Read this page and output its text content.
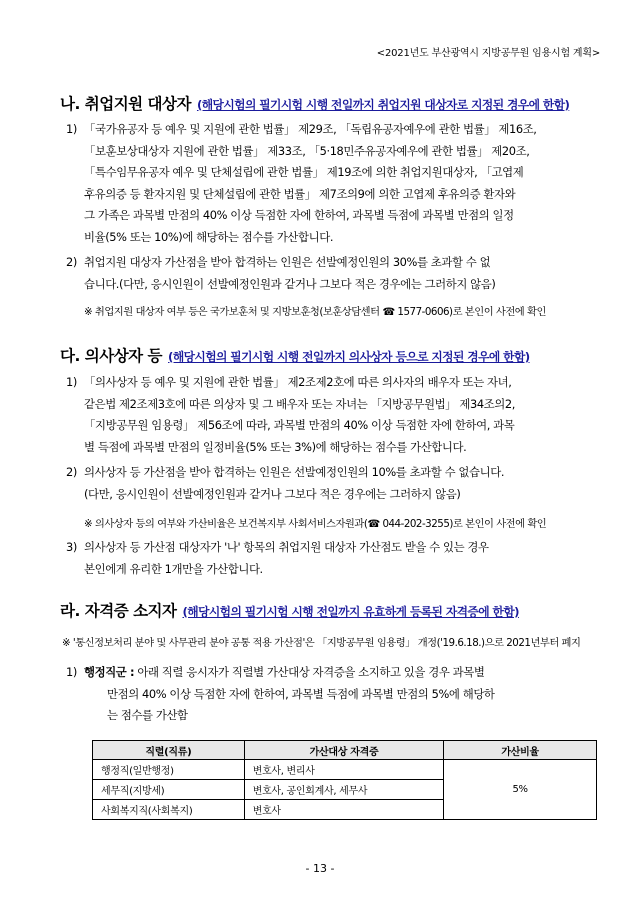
<2021년도 부산광역시 지방공무원 임용시험 계획>
나. 취업지원 대상자 (해당시험의 필기시험 시행 전일까지 취업지원 대상자로 지정된 경우에 한함)
1) 「국가유공자 등 예우 및 지원에 관한 법률」 제29조, 「독립유공자예우에 관한 법률」 제16조,
「보훈보상대상자 지원에 관한 법률」 제33조, 「5·18민주유공자예우에 관한 법률」 제20조,
「특수임무유공자 예우 및 단체설립에 관한 법률」 제19조에 의한 취업지원대상자, 「고엽제
후유의증 등 환자지원 및 단체설립에 관한 법률」 제7조의9에 의한 고엽제 후유의증 환자와
그 가족은 과목별 만점의 40% 이상 득점한 자에 한하여, 과목별 득점에 과목별 만점의 일정
비율(5% 또는 10%)에 해당하는 점수를 가산합니다.
2) 취업지원 대상자 가산점을 받아 합격하는 인원은 선발예정인원의 30%를 초과할 수 없
습니다.(다만, 응시인원이 선발예정인원과 같거나 그보다 적은 경우에는 그러하지 않음)
※ 취업지원 대상자 여부 등은 국가보훈처 및 지방보훈청(보훈상담센터 ☎ 1577-0606)로 본인이 사전에 확인
다. 의사상자 등 (해당시험의 필기시험 시행 전일까지 의사상자 등으로 지정된 경우에 한함)
1) 「의사상자 등 예우 및 지원에 관한 법률」 제2조제2호에 따른 의사자의 배우자 또는 자녀,
같은법 제2조제3호에 따른 의상자 및 그 배우자 또는 자녀는 「지방공무원법」 제34조의2,
「지방공무원 임용령」 제56조에 따라, 과목별 만점의 40% 이상 득점한 자에 한하여, 과목
별 득점에 과목별 만점의 일정비율(5% 또는 3%)에 해당하는 점수를 가산합니다.
2) 의사상자 등 가산점을 받아 합격하는 인원은 선발예정인원의 10%를 초과할 수 없습니다.
(다만, 응시인원이 선발예정인원과 같거나 그보다 적은 경우에는 그러하지 않음)
※ 의사상자 등의 여부와 가산비율은 보건복지부 사회서비스자원과(☎ 044-202-3255)로 본인이 사전에 확인
3) 의사상자 등 가산점 대상자가 '나' 항목의 취업지원 대상자 가산점도 받을 수 있는 경우
본인에게 유리한 1개만을 가산합니다.
라. 자격증 소지자 (해당시험의 필기시험 시행 전일까지 유효하게 등록된 자격증에 한함)
※ '통신정보처리 분야 및 사무관리 분야 공통 적용 가산점'은 「지방공무원 임용령」 개정('19.6.18.)으로 2021년부터 폐지
1) 행정직군 : 아래 직렬 응시자가 직렬별 가산대상 자격증을 소지하고 있을 경우 과목별
만점의 40% 이상 득점한 자에 한하여, 과목별 득점에 과목별 만점의 5%에 해당하
는 점수를 가산함
직렬(직류)	가산대상 자격증	가산비율
행정직(일반행정)	변호사, 변리사	5%
세무직(지방세)	변호사, 공인회계사, 세무사	
사회복지직(사회복지)	변호사	
- 13 -
